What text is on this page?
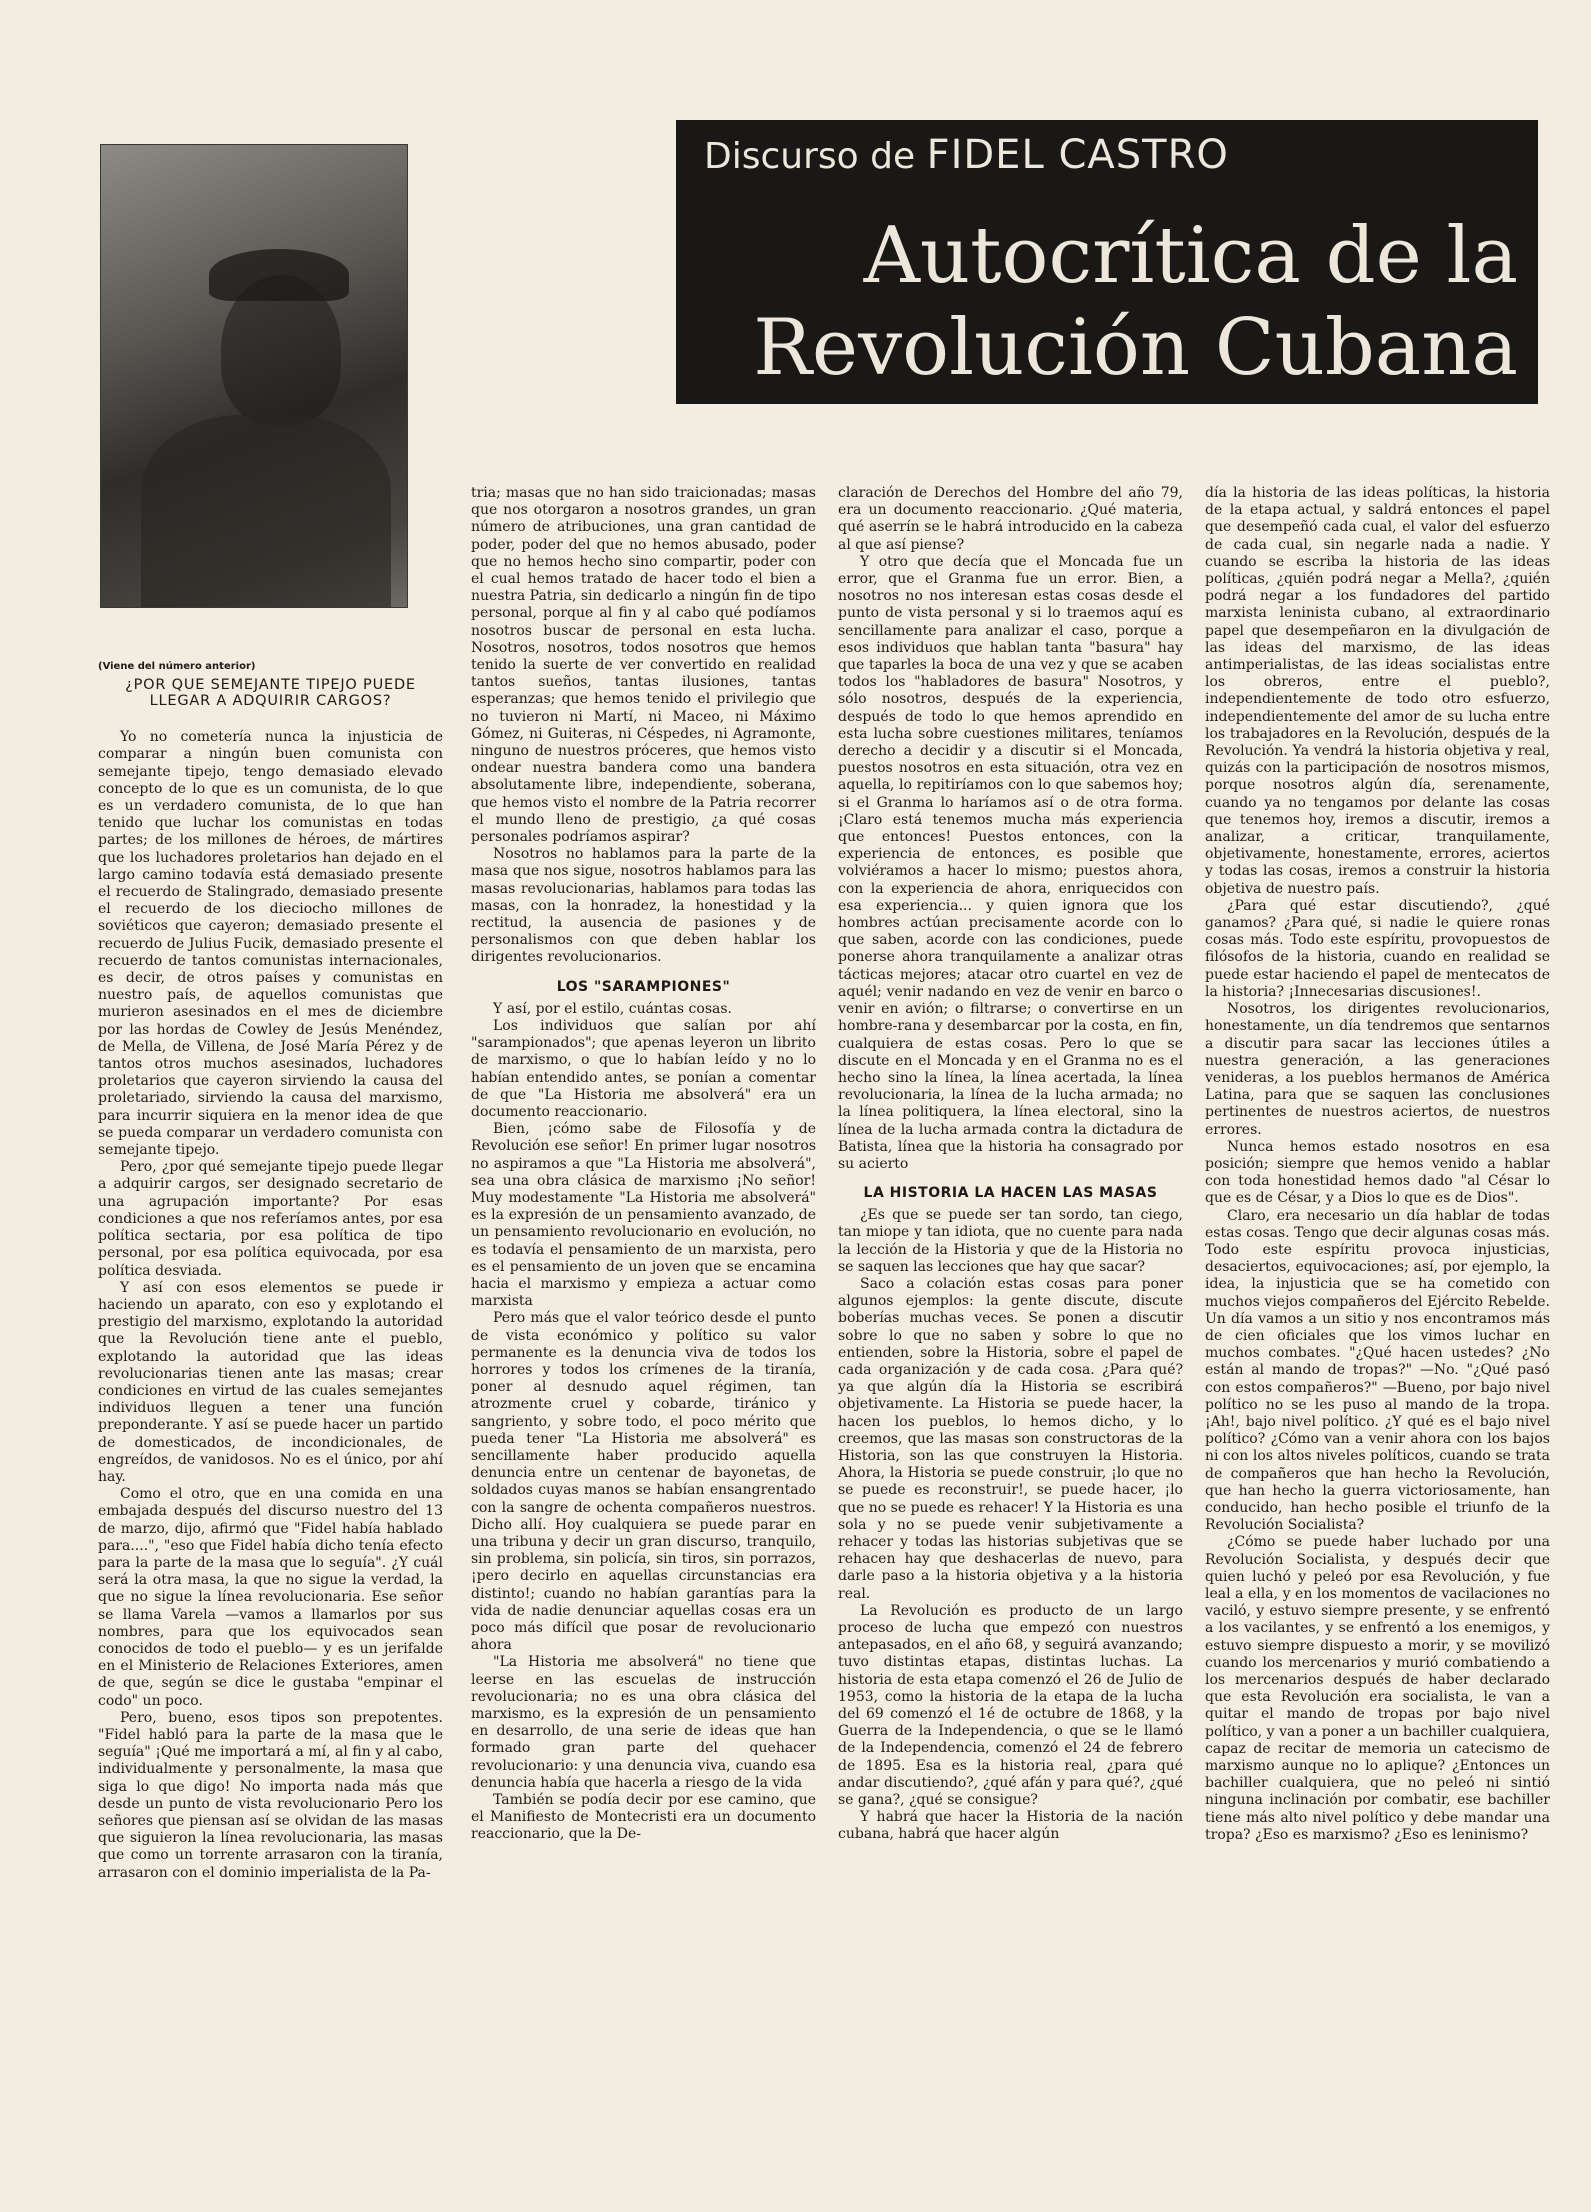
Discurso de FIDEL CASTRO
Autocrítica de la
Revolución Cubana
(Viene del número anterior)
¿POR QUE SEMEJANTE TIPEJO PUEDE LLEGAR A ADQUIRIR CARGOS?

Yo no cometería nunca la injusticia de comparar a ningún buen comunista con semejante tipejo, tengo demasiado elevado concepto de lo que es un comunista, de lo que es un verdadero comunista, de lo que han tenido que luchar los comunistas en todas partes; de los millones de héroes, de mártires que los luchadores proletarios han dejado en el largo camino todavía está demasiado presente el recuerdo de Stalingrado, demasiado presente el recuerdo de los dieciocho millones de soviéticos que cayeron; demasiado presente el recuerdo de Julius Fucik, demasiado presente el recuerdo de tantos comunistas internacionales, es decir, de otros países y comunistas en nuestro país, de aquellos comunistas que murieron asesinados en el mes de diciembre por las hordas de Cowley de Jesús Menéndez, de Mella, de Villena, de José María Pérez y de tantos otros muchos asesinados, luchadores proletarios que cayeron sirviendo la causa del proletariado, sirviendo la causa del marxismo, para incurrir siquiera en la menor idea de que se pueda comparar un verdadero comunista con semejante tipejo.

Pero, ¿por qué semejante tipejo puede llegar a adquirir cargos, ser designado secretario de una agrupación importante? Por esas condiciones a que nos referíamos antes, por esa política sectaria, por esa política de tipo personal, por esa política equivocada, por esa política desviada.

Y así con esos elementos se puede ir haciendo un aparato, con eso y explotando el prestigio del marxismo, explotando la autoridad que la Revolución tiene ante el pueblo, explotando la autoridad que las ideas revolucionarias tienen ante las masas; crear condiciones en virtud de las cuales semejantes individuos lleguen a tener una función preponderante. Y así se puede hacer un partido de domesticados, de incondicionales, de engreídos, de vanidosos. No es el único, por ahí hay.

Como el otro, que en una comida en una embajada después del discurso nuestro del 13 de marzo, dijo, afirmó que "Fidel había hablado para....", "eso que Fidel había dicho tenía efecto para la parte de la masa que lo seguía". ¿Y cuál será la otra masa, la que no sigue la verdad, la que no sigue la línea revolucionaria. Ese señor se llama Varela —vamos a llamarlos por sus nombres, para que los equivocados sean conocidos de todo el pueblo— y es un jerifalde en el Ministerio de Relaciones Exteriores, amen de que, según se dice le gustaba "empinar el codo" un poco.

Pero, bueno, esos tipos son prepotentes. "Fidel habló para la parte de la masa que le seguía" ¡Qué me importará a mí, al fin y al cabo, individualmente y personalmente, la masa que siga lo que digo! No importa nada más que desde un punto de vista revolucionario Pero los señores que piensan así se olvidan de las masas que siguieron la línea revolucionaria, las masas que como un torrente arrasaron con la tiranía, arrasaron con el dominio imperialista de la Pa-

tria; masas que no han sido traicionadas; masas que nos otorgaron a nosotros grandes, un gran número de atribuciones, una gran cantidad de poder, poder del que no hemos abusado, poder que no hemos hecho sino compartir, poder con el cual hemos tratado de hacer todo el bien a nuestra Patria, sin dedicarlo a ningún fin de tipo personal, porque al fin y al cabo qué podíamos nosotros buscar de personal en esta lucha. Nosotros, nosotros, todos nosotros que hemos tenido la suerte de ver convertido en realidad tantos sueños, tantas ilusiones, tantas esperanzas; que hemos tenido el privilegio que no tuvieron ni Martí, ni Maceo, ni Máximo Gómez, ni Guiteras, ni Céspedes, ni Agramonte, ninguno de nuestros próceres, que hemos visto ondear nuestra bandera como una bandera absolutamente libre, independiente, soberana, que hemos visto el nombre de la Patria recorrer el mundo lleno de prestigio, ¿a qué cosas personales podríamos aspirar?

Nosotros no hablamos para la parte de la masa que nos sigue, nosotros hablamos para las masas revolucionarias, hablamos para todas las masas, con la honradez, la honestidad y la rectitud, la ausencia de pasiones y de personalismos con que deben hablar los dirigentes revolucionarios.

LOS "SARAMPIONES"

Y así, por el estilo, cuántas cosas.

Los individuos que salían por ahí "sarampionados"; que apenas leyeron un librito de marxismo, o que lo habían leído y no lo habían entendido antes, se ponían a comentar de que "La Historia me absolverá" era un documento reaccionario.

Bien, ¡cómo sabe de Filosofía y de Revolución ese señor! En primer lugar nosotros no aspiramos a que "La Historia me absolverá", sea una obra clásica de marxismo ¡No señor! Muy modestamente "La Historia me absolverá" es la expresión de un pensamiento avanzado, de un pensamiento revolucionario en evolución, no es todavía el pensamiento de un marxista, pero es el pensamiento de un joven que se encamina hacia el marxismo y empieza a actuar como marxista

Pero más que el valor teórico desde el punto de vista económico y político su valor permanente es la denuncia viva de todos los horrores y todos los crímenes de la tiranía, poner al desnudo aquel régimen, tan atrozmente cruel y cobarde, tiránico y sangriento, y sobre todo, el poco mérito que pueda tener "La Historia me absolverá" es sencillamente haber producido aquella denuncia entre un centenar de bayonetas, de soldados cuyas manos se habían ensangrentado con la sangre de ochenta compañeros nuestros. Dicho allí. Hoy cualquiera se puede parar en una tribuna y decir un gran discurso, tranquilo, sin problema, sin policía, sin tiros, sin porrazos, ¡pero decirlo en aquellas circunstancias era distinto!; cuando no habían garantías para la vida de nadie denunciar aquellas cosas era un poco más difícil que posar de revolucionario ahora

"La Historia me absolverá" no tiene que leerse en las escuelas de instrucción revolucionaria; no es una obra clásica del marxismo, es la expresión de un pensamiento en desarrollo, de una serie de ideas que han formado gran parte del quehacer revolucionario: y una denuncia viva, cuando esa denuncia había que hacerla a riesgo de la vida

También se podía decir por ese camino, que el Manifiesto de Montecristi era un documento reaccionario, que la De-

claración de Derechos del Hombre del año 79, era un documento reaccionario. ¿Qué materia, qué aserrín se le habrá introducido en la cabeza al que así piense?

Y otro que decía que el Moncada fue un error, que el Granma fue un error. Bien, a nosotros no nos interesan estas cosas desde el punto de vista personal y si lo traemos aquí es sencillamente para analizar el caso, porque a esos individuos que hablan tanta "basura" hay que taparles la boca de una vez y que se acaben todos los "habladores de basura" Nosotros, y sólo nosotros, después de la experiencia, después de todo lo que hemos aprendido en esta lucha sobre cuestiones militares, teníamos derecho a decidir y a discutir si el Moncada, puestos nosotros en esta situación, otra vez en aquella, lo repitiríamos con lo que sabemos hoy; si el Granma lo haríamos así o de otra forma. ¡Claro está tenemos mucha más experiencia que entonces! Puestos entonces, con la experiencia de entonces, es posible que volviéramos a hacer lo mismo; puestos ahora, con la experiencia de ahora, enriquecidos con esa experiencia... y quien ignora que los hombres actúan precisamente acorde con lo que saben, acorde con las condiciones, puede ponerse ahora tranquilamente a analizar otras tácticas mejores; atacar otro cuartel en vez de aquél; venir nadando en vez de venir en barco o venir en avión; o filtrarse; o convertirse en un hombre-rana y desembarcar por la costa, en fin, cualquiera de estas cosas. Pero lo que se discute en el Moncada y en el Granma no es el hecho sino la línea, la línea acertada, la línea revolucionaria, la línea de la lucha armada; no la línea politiquera, la línea electoral, sino la línea de la lucha armada contra la dictadura de Batista, línea que la historia ha consagrado por su acierto

LA HISTORIA LA HACEN LAS MASAS

¿Es que se puede ser tan sordo, tan ciego, tan miope y tan idiota, que no cuente para nada la lección de la Historia y que de la Historia no se saquen las lecciones que hay que sacar?

Saco a colación estas cosas para poner algunos ejemplos: la gente discute, discute boberías muchas veces. Se ponen a discutir sobre lo que no saben y sobre lo que no entienden, sobre la Historia, sobre el papel de cada organización y de cada cosa. ¿Para qué? ya que algún día la Historia se escribirá objetivamente. La Historia se puede hacer, la hacen los pueblos, lo hemos dicho, y lo creemos, que las masas son constructoras de la Historia, son las que construyen la Historia. Ahora, la Historia se puede construir, ¡lo que no se puede es reconstruir!, se puede hacer, ¡lo que no se puede es rehacer! Y la Historia es una sola y no se puede venir subjetivamente a rehacer y todas las historias subjetivas que se rehacen hay que deshacerlas de nuevo, para darle paso a la historia objetiva y a la historia real.

La Revolución es producto de un largo proceso de lucha que empezó con nuestros antepasados, en el año 68, y seguirá avanzando; tuvo distintas etapas, distintas luchas. La historia de esta etapa comenzó el 26 de Julio de 1953, como la historia de la etapa de la lucha del 69 comenzó el 1é de octubre de 1868, y la Guerra de la Independencia, o que se le llamó de la Independencia, comenzó el 24 de febrero de 1895. Esa es la historia real, ¿para qué andar discutiendo?, ¿qué afán y para qué?, ¿qué se gana?, ¿qué se consigue?

Y habrá que hacer la Historia de la nación cubana, habrá que hacer algún

día la historia de las ideas políticas, la historia de la etapa actual, y saldrá entonces el papel que desempeñó cada cual, el valor del esfuerzo de cada cual, sin negarle nada a nadie. Y cuando se escriba la historia de las ideas políticas, ¿quién podrá negar a Mella?, ¿quién podrá negar a los fundadores del partido marxista leninista cubano, al extraordinario papel que desempeñaron en la divulgación de las ideas del marxismo, de las ideas antimperialistas, de las ideas socialistas entre los obreros, entre el pueblo?, independientemente de todo otro esfuerzo, independientemente del amor de su lucha entre los trabajadores en la Revolución, después de la Revolución. Ya vendrá la historia objetiva y real, quizás con la participación de nosotros mismos, porque nosotros algún día, serenamente, cuando ya no tengamos por delante las cosas que tenemos hoy, iremos a discutir, iremos a analizar, a criticar, tranquilamente, objetivamente, honestamente, errores, aciertos y todas las cosas, iremos a construir la historia objetiva de nuestro país.

¿Para qué estar discutiendo?, ¿qué ganamos? ¿Para qué, si nadie le quiere ronas cosas más. Todo este espíritu, provopuestos de filósofos de la historia, cuando en realidad se puede estar haciendo el papel de mentecatos de la historia? ¡Innecesarias discusiones!.

Nosotros, los dirigentes revolucionarios, honestamente, un día tendremos que sentarnos a discutir para sacar las lecciones útiles a nuestra generación, a las generaciones venideras, a los pueblos hermanos de América Latina, para que se saquen las conclusiones pertinentes de nuestros aciertos, de nuestros errores.

Nunca hemos estado nosotros en esa posición; siempre que hemos venido a hablar con toda honestidad hemos dado "al César lo que es de César, y a Dios lo que es de Dios".

Claro, era necesario un día hablar de todas estas cosas. Tengo que decir algunas cosas más. Todo este espíritu provoca injusticias, desaciertos, equivocaciones; así, por ejemplo, la idea, la injusticia que se ha cometido con muchos viejos compañeros del Ejército Rebelde. Un día vamos a un sitio y nos encontramos más de cien oficiales que los vimos luchar en muchos combates. "¿Qué hacen ustedes? ¿No están al mando de tropas?" —No. "¿Qué pasó con estos compañeros?" —Bueno, por bajo nivel político no se les puso al mando de la tropa. ¡Ah!, bajo nivel político. ¿Y qué es el bajo nivel político? ¿Cómo van a venir ahora con los bajos ni con los altos niveles políticos, cuando se trata de compañeros que han hecho la Revolución, que han hecho la guerra victoriosamente, han conducido, han hecho posible el triunfo de la Revolución Socialista?

¿Cómo se puede haber luchado por una Revolución Socialista, y después decir que quien luchó y peleó por esa Revolución, y fue leal a ella, y en los momentos de vacilaciones no vaciló, y estuvo siempre presente, y se enfrentó a los vacilantes, y se enfrentó a los enemigos, y estuvo siempre dispuesto a morir, y se movilizó cuando los mercenarios y murió combatiendo a los mercenarios después de haber declarado que esta Revolución era socialista, le van a quitar el mando de tropas por bajo nivel político, y van a poner a un bachiller cualquiera, capaz de recitar de memoria un catecismo de marxismo aunque no lo aplique? ¿Entonces un bachiller cualquiera, que no peleó ni sintió ninguna inclinación por combatir, ese bachiller tiene más alto nivel político y debe mandar una tropa? ¿Eso es marxismo? ¿Eso es leninismo?
